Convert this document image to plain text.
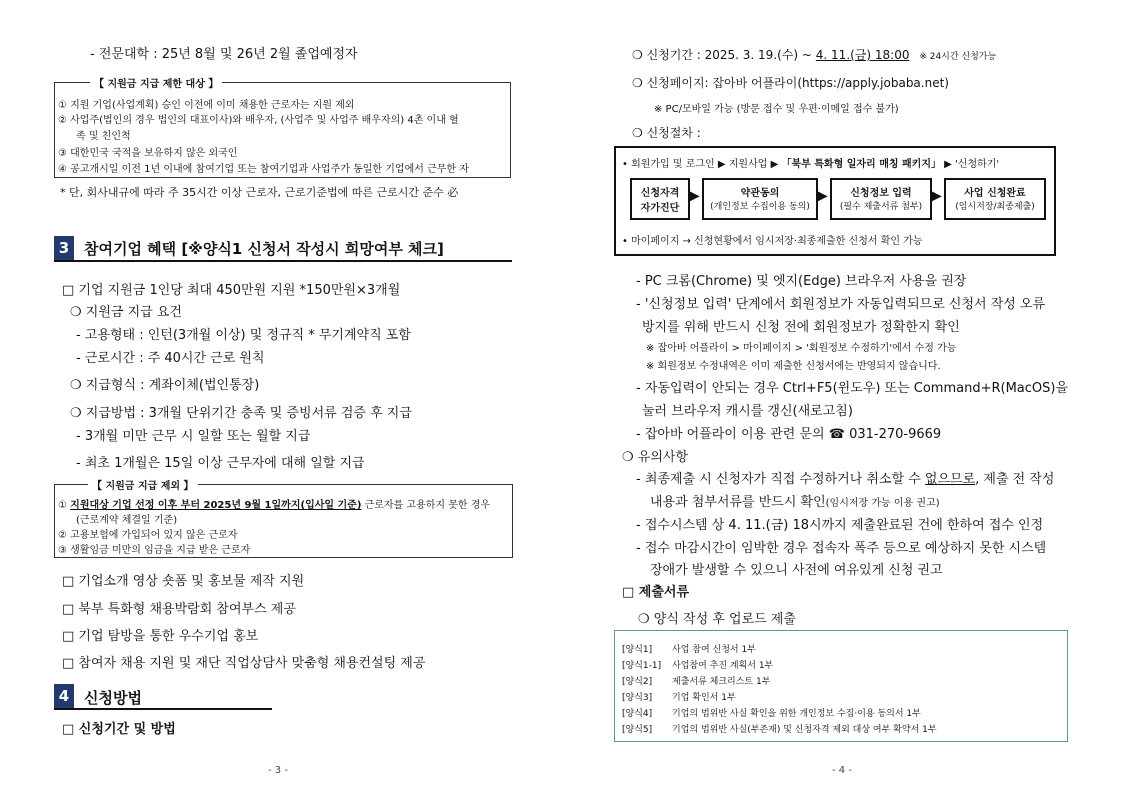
- 전문대학 : 25년 8월 및 26년 2월 졸업예정자
【 지원금 지급 제한 대상 】
① 지원 기업(사업계획) 승인 이전에 이미 채용한 근로자는 지원 제외
② 사업주(법인의 경우 법인의 대표이사)와 배우자, (사업주 및 사업주 배우자의) 4촌 이내 혈
족 및 친인척
③ 대한민국 국적을 보유하지 않은 외국인
④ 공고개시일 이전 1년 이내에 참여기업 또는 참여기업과 사업주가 동일한 기업에서 근무한 자
* 단, 회사내규에 따라 주 35시간 이상 근로자, 근로기준법에 따른 근로시간 준수 必
3 참여기업 혜택 [※양식1 신청서 작성시 희망여부 체크]
□ 기업 지원금 1인당 최대 450만원 지원 *150만원×3개월
❍ 지원금 지급 요건
- 고용형태 : 인턴(3개월 이상) 및 정규직 * 무기계약직 포함
- 근로시간 : 주 40시간 근로 원칙
❍ 지급형식 : 계좌이체(법인통장)
❍ 지급방법 : 3개월 단위기간 충족 및 증빙서류 검증 후 지급
- 3개월 미만 근무 시 일할 또는 월할 지급
- 최초 1개월은 15일 이상 근무자에 대해 일할 지급
【 지원금 지급 제외 】
① 지원대상 기업 선정 이후 부터 2025년 9월 1일까지(입사일 기준) 근로자를 고용하지 못한 경우
(근로계약 체결일 기준)
② 고용보험에 가입되어 있지 않은 근로자
③ 생활임금 미만의 임금을 지급 받은 근로자
□ 기업소개 영상 숏폼 및 홍보물 제작 지원
□ 북부 특화형 채용박람회 참여부스 제공
□ 기업 탐방을 통한 우수기업 홍보
□ 참여자 채용 지원 및 재단 직업상담사 맞춤형 채용컨설팅 제공
4 신청방법
□ 신청기간 및 방법
- 3 -
❍ 신청기간 : 2025. 3. 19.(수) ~ 4. 11.(금) 18:00 ※ 24시간 신청가능
❍ 신청페이지: 잡아바 어플라이(https://apply.jobaba.net)
※ PC/모바일 가능 (방문 접수 및 우편·이메일 접수 불가)
❍ 신청절차 :
• 회원가입 및 로그인 ▶ 지원사업 ▶ 「북부 특화형 일자리 매칭 패키지」 ▶ '신청하기'
신청자격
자가진단
▶	약관동의
(개인정보 수집이용 동의)
▶	신청정보 입력
(필수 제출서류 첨부)
▶	사업 신청완료
(임시저장/최종제출)
• 마이페이지 → 신청현황에서 임시저장·최종제출한 신청서 확인 가능
- PC 크롬(Chrome) 및 엣지(Edge) 브라우저 사용을 권장
- '신청정보 입력' 단계에서 회원정보가 자동입력되므로 신청서 작성 오류
방지를 위해 반드시 신청 전에 회원정보가 정확한지 확인
※ 잡아바 어플라이 > 마이페이지 > '회원정보 수정하기'에서 수정 가능
※ 회원정보 수정내역은 이미 제출한 신청서에는 반영되지 않습니다.
- 자동입력이 안되는 경우 Ctrl+F5(윈도우) 또는 Command+R(MacOS)을
눌러 브라우저 캐시를 갱신(새로고침)
- 잡아바 어플라이 이용 관련 문의 ☎ 031-270-9669
❍ 유의사항
- 최종제출 시 신청자가 직접 수정하거나 취소할 수 없으므로, 제출 전 작성
내용과 첨부서류를 반드시 확인(임시저장 가능 이용 권고)
- 접수시스템 상 4. 11.(금) 18시까지 제출완료된 건에 한하여 접수 인정
- 접수 마감시간이 임박한 경우 접속자 폭주 등으로 예상하지 못한 시스템
장애가 발생할 수 있으니 사전에 여유있게 신청 권고
□ 제출서류
❍ 양식 작성 후 업로드 제출
[양식1] 사업 참여 신청서 1부
[양식1-1] 사업참여 추진 계획서 1부
[양식2] 제출서류 체크리스트 1부
[양식3] 기업 확인서 1부
[양식4] 기업의 법위반 사실 확인을 위한 개인정보 수집·이용 동의서 1부
[양식5] 기업의 법위반 사실(부존재) 및 신청자격 제외 대상 여부 확약서 1부
- 4 -
